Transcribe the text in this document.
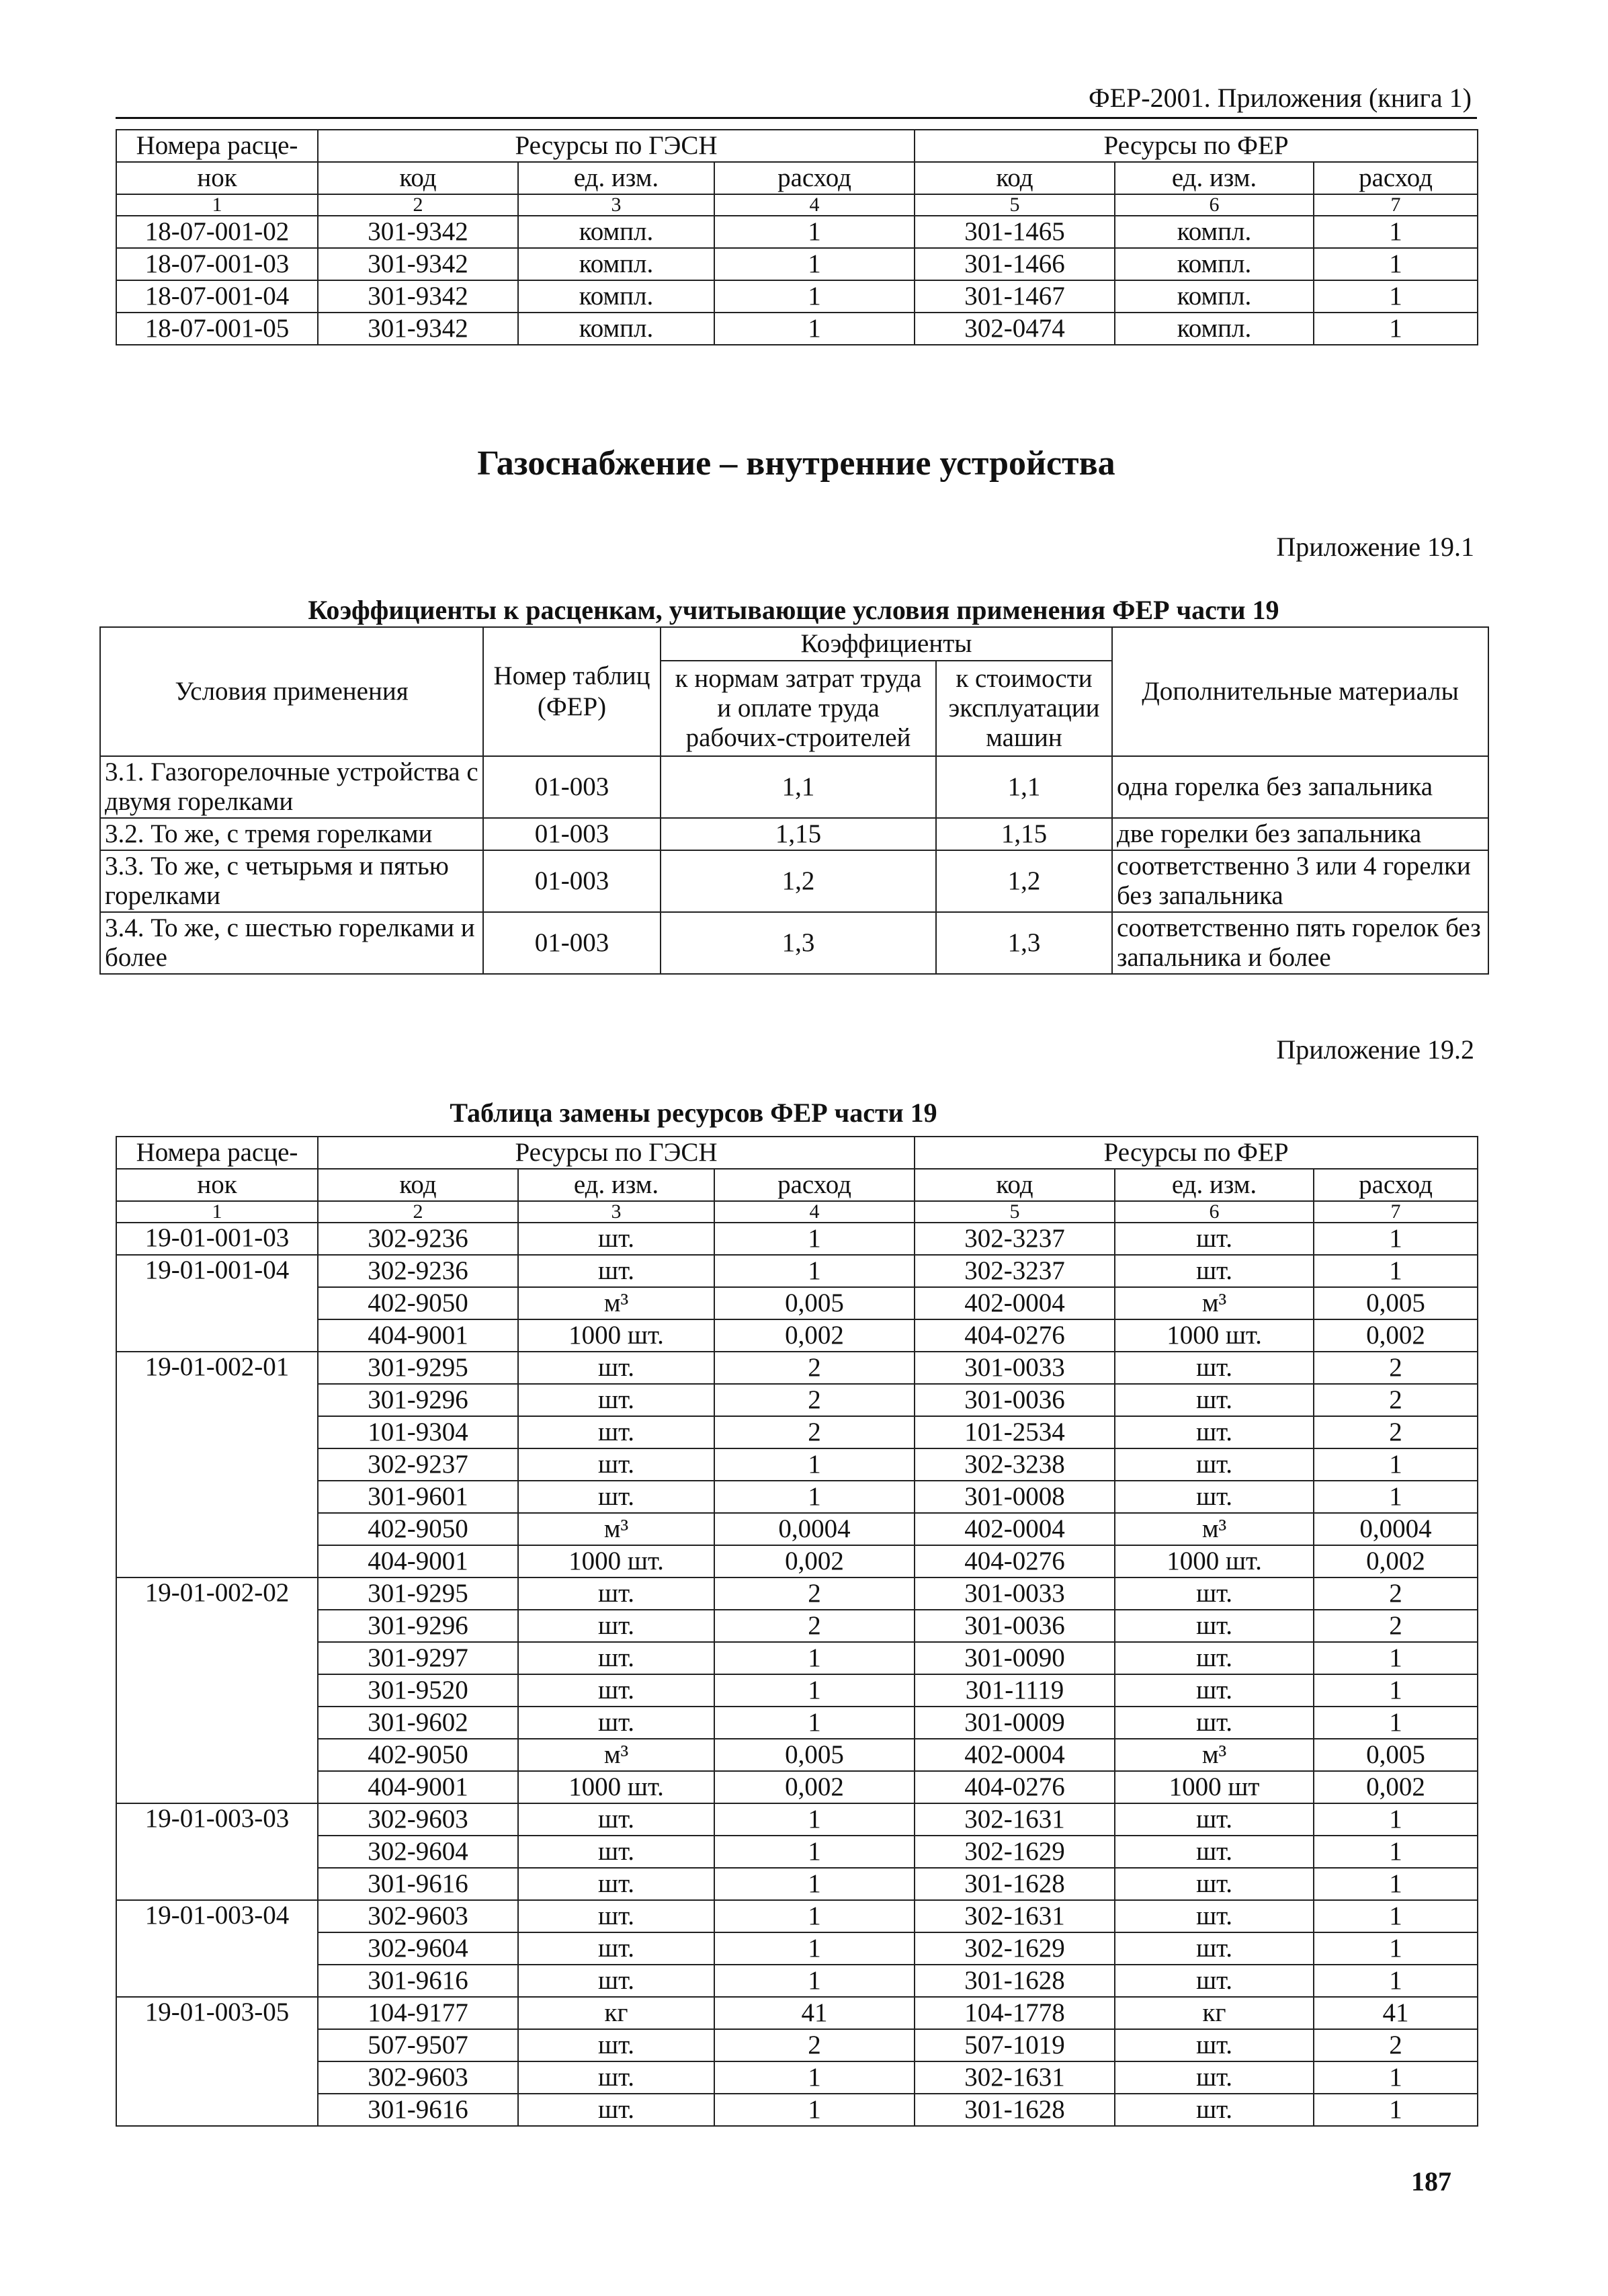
ФЕР-2001. Приложения (книга 1)
Номера расце-	Ресурсы по ГЭСН			Ресурсы по ФЕР		
нок	код	ед. изм.	расход	код	ед. изм.	расход
1	2	3	4	5	6	7
18-07-001-02	301-9342	компл.	1	301-1465	компл.	1
18-07-001-03	301-9342	компл.	1	301-1466	компл.	1
18-07-001-04	301-9342	компл.	1	301-1467	компл.	1
18-07-001-05	301-9342	компл.	1	302-0474	компл.	1
Газоснабжение – внутренние устройства
Приложение 19.1
Коэффициенты к расценкам, учитывающие условия применения ФЕР части 19
Условия применения	Номер таблиц (ФЕР)	Коэффициенты		Дополнительные материалы
		к нормам затрат труда и оплате труда рабочих-строителей	к стоимости эксплуатации машин	
3.1. Газогорелочные устройства с двумя горелками	01-003	1,1	1,1	одна горелка без запальника
3.2. То же, с тремя горелками	01-003	1,15	1,15	две горелки без запальника
3.3. То же, с четырьмя и пятью горелками	01-003	1,2	1,2	соответственно 3 или 4 горелки без запальника
3.4. То же, с шестью горелками и более	01-003	1,3	1,3	соответственно пять горелок без запальника и более
Приложение 19.2
Таблица замены ресурсов ФЕР части 19
Номера расце-	Ресурсы по ГЭСН			Ресурсы по ФЕР		
нок	код	ед. изм.	расход	код	ед. изм.	расход
1	2	3	4	5	6	7
19-01-001-03	302-9236	шт.	1	302-3237	шт.	1
19-01-001-04	302-9236	шт.	1	302-3237	шт.	1
	402-9050	м³	0,005	402-0004	м³	0,005
	404-9001	1000 шт.	0,002	404-0276	1000 шт.	0,002
19-01-002-01	301-9295	шт.	2	301-0033	шт.	2
	301-9296	шт.	2	301-0036	шт.	2
	101-9304	шт.	2	101-2534	шт.	2
	302-9237	шт.	1	302-3238	шт.	1
	301-9601	шт.	1	301-0008	шт.	1
	402-9050	м³	0,0004	402-0004	м³	0,0004
	404-9001	1000 шт.	0,002	404-0276	1000 шт.	0,002
19-01-002-02	301-9295	шт.	2	301-0033	шт.	2
	301-9296	шт.	2	301-0036	шт.	2
	301-9297	шт.	1	301-0090	шт.	1
	301-9520	шт.	1	301-1119	шт.	1
	301-9602	шт.	1	301-0009	шт.	1
	402-9050	м³	0,005	402-0004	м³	0,005
	404-9001	1000 шт.	0,002	404-0276	1000 шт	0,002
19-01-003-03	302-9603	шт.	1	302-1631	шт.	1
	302-9604	шт.	1	302-1629	шт.	1
	301-9616	шт.	1	301-1628	шт.	1
19-01-003-04	302-9603	шт.	1	302-1631	шт.	1
	302-9604	шт.	1	302-1629	шт.	1
	301-9616	шт.	1	301-1628	шт.	1
19-01-003-05	104-9177	кг	41	104-1778	кг	41
	507-9507	шт.	2	507-1019	шт.	2
	302-9603	шт.	1	302-1631	шт.	1
	301-9616	шт.	1	301-1628	шт.	1
187
